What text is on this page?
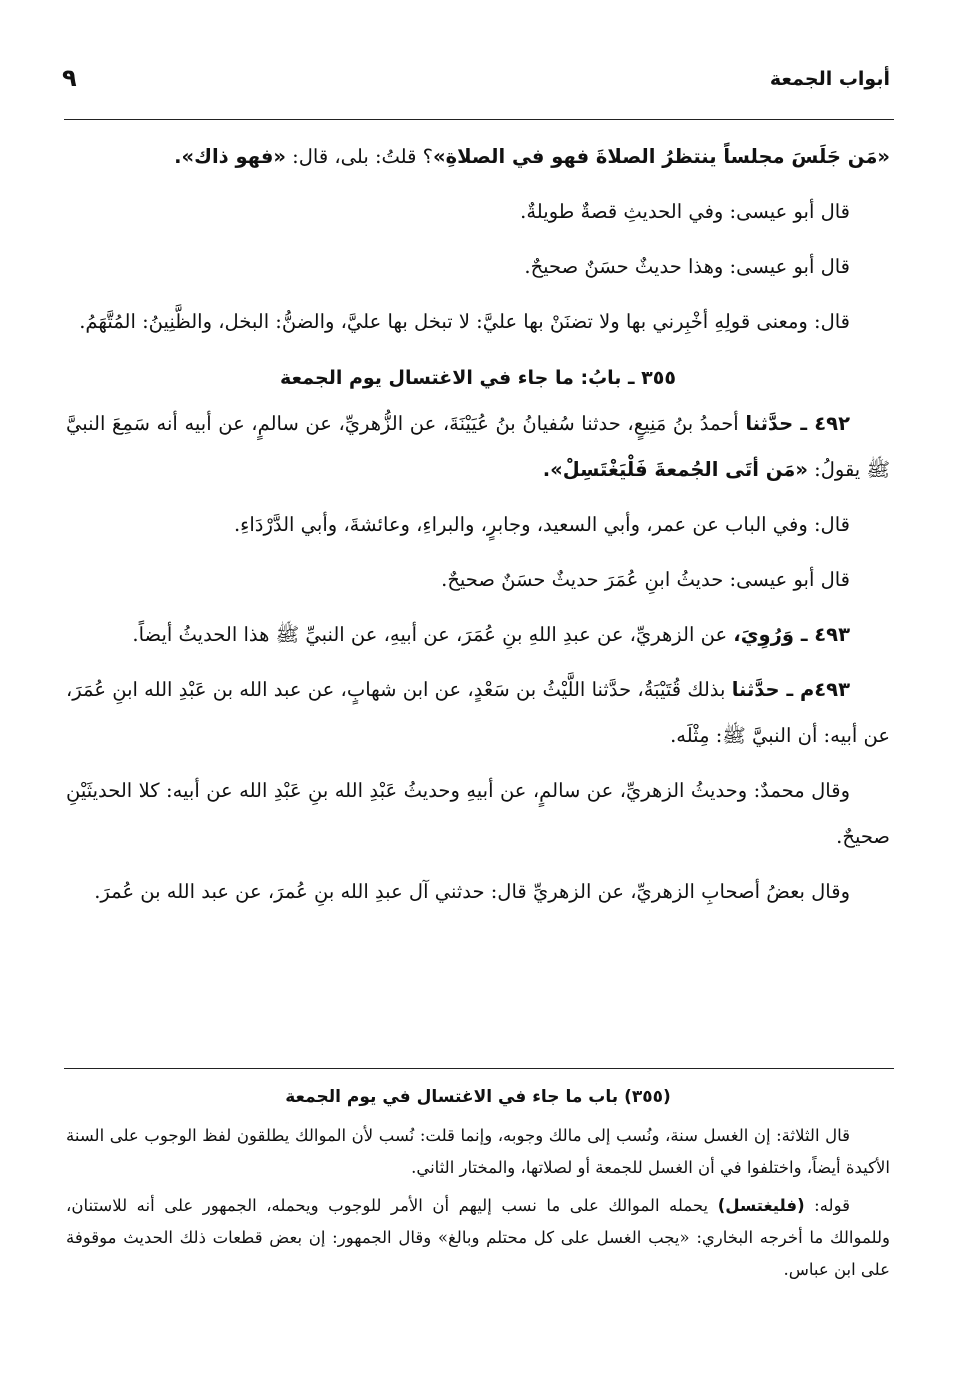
أبواب الجمعة
٩

«مَن جَلَسَ مجلساً ينتظرُ الصلاةَ فهو في الصلاةِ»؟ قلتُ: بلى، قال: «فهو ذاك».

قال أبو عيسى: وفي الحديثِ قصةٌ طويلةٌ.

قال أبو عيسى: وهذا حديثٌ حسَنٌ صحيحٌ.

قال: ومعنى قولِهِ أخْبِرني بها ولا تضنَنْ بها عليَّ: لا تبخل بها عليَّ، والضنُّ: البخل، والظَّنِينُ: المُتَّهَمُ.

٣٥٥ ـ بابُ: ما جاء في الاغتسال يوم الجمعة

٤٩٢ ـ حدَّثنا أحمدُ بنُ مَنِيعٍ، حدثنا سُفيانُ بنُ عُيَيْنَةَ، عن الزُّهريِّ، عن سالمٍ، عن أبيه أنه سَمِعَ النبيَّ ﷺ يقولُ: «مَن أتَى الجُمعةَ فَلْيَغْتَسِلْ».

قال: وفي الباب عن عمر، وأبي السعيد، وجابرٍ، والبراءِ، وعائشةَ، وأبي الدَّرْدَاءِ.

قال أبو عيسى: حديثُ ابنِ عُمَرَ حديثٌ حسَنٌ صحيحٌ.

٤٩٣ ـ وَرُوِيَ، عن الزهريِّ، عن عبدِ اللهِ بنِ عُمَرَ، عن أبيهِ، عن النبيِّ ﷺ هذا الحديثُ أيضاً.

٤٩٣م ـ حدَّثنا بذلك قُتَيْبَةُ، حدَّثنا اللَّيْثُ بن سَعْدٍ، عن ابن شهابٍ، عن عبد الله بن عَبْدِ الله ابنِ عُمَرَ، عن أبيه: أن النبيَّ ﷺ: مِثْلَه.

وقال محمدٌ: وحديثُ الزهريِّ، عن سالمٍ، عن أبيهِ وحديثُ عَبْدِ الله بنِ عَبْدِ الله عن أبيه: كلا الحديثَيْنِ صحيحٌ.

وقال بعضُ أصحابِ الزهريِّ، عن الزهريِّ قال: حدثني آل عبدِ الله بنِ عُمرَ، عن عبد الله بن عُمرَ.

(٣٥٥) باب ما جاء في الاغتسال في يوم الجمعة

قال الثلاثة: إن الغسل سنة، ونُسب إلى مالك وجوبه، وإنما قلت: نُسب لأن الموالك يطلقون لفظ الوجوب على السنة الأكيدة أيضاً، واختلفوا في أن الغسل للجمعة أو لصلاتها، والمختار الثاني.

قوله: (فليغتسل) يحمله الموالك على ما نسب إليهم أن الأمر للوجوب ويحمله، الجمهور على أنه للاستنان، وللموالك ما أخرجه البخاري: «يجب الغسل على كل محتلم وبالغ» وقال الجمهور: إن بعض قطعات ذلك الحديث موقوفة على ابن عباس.
